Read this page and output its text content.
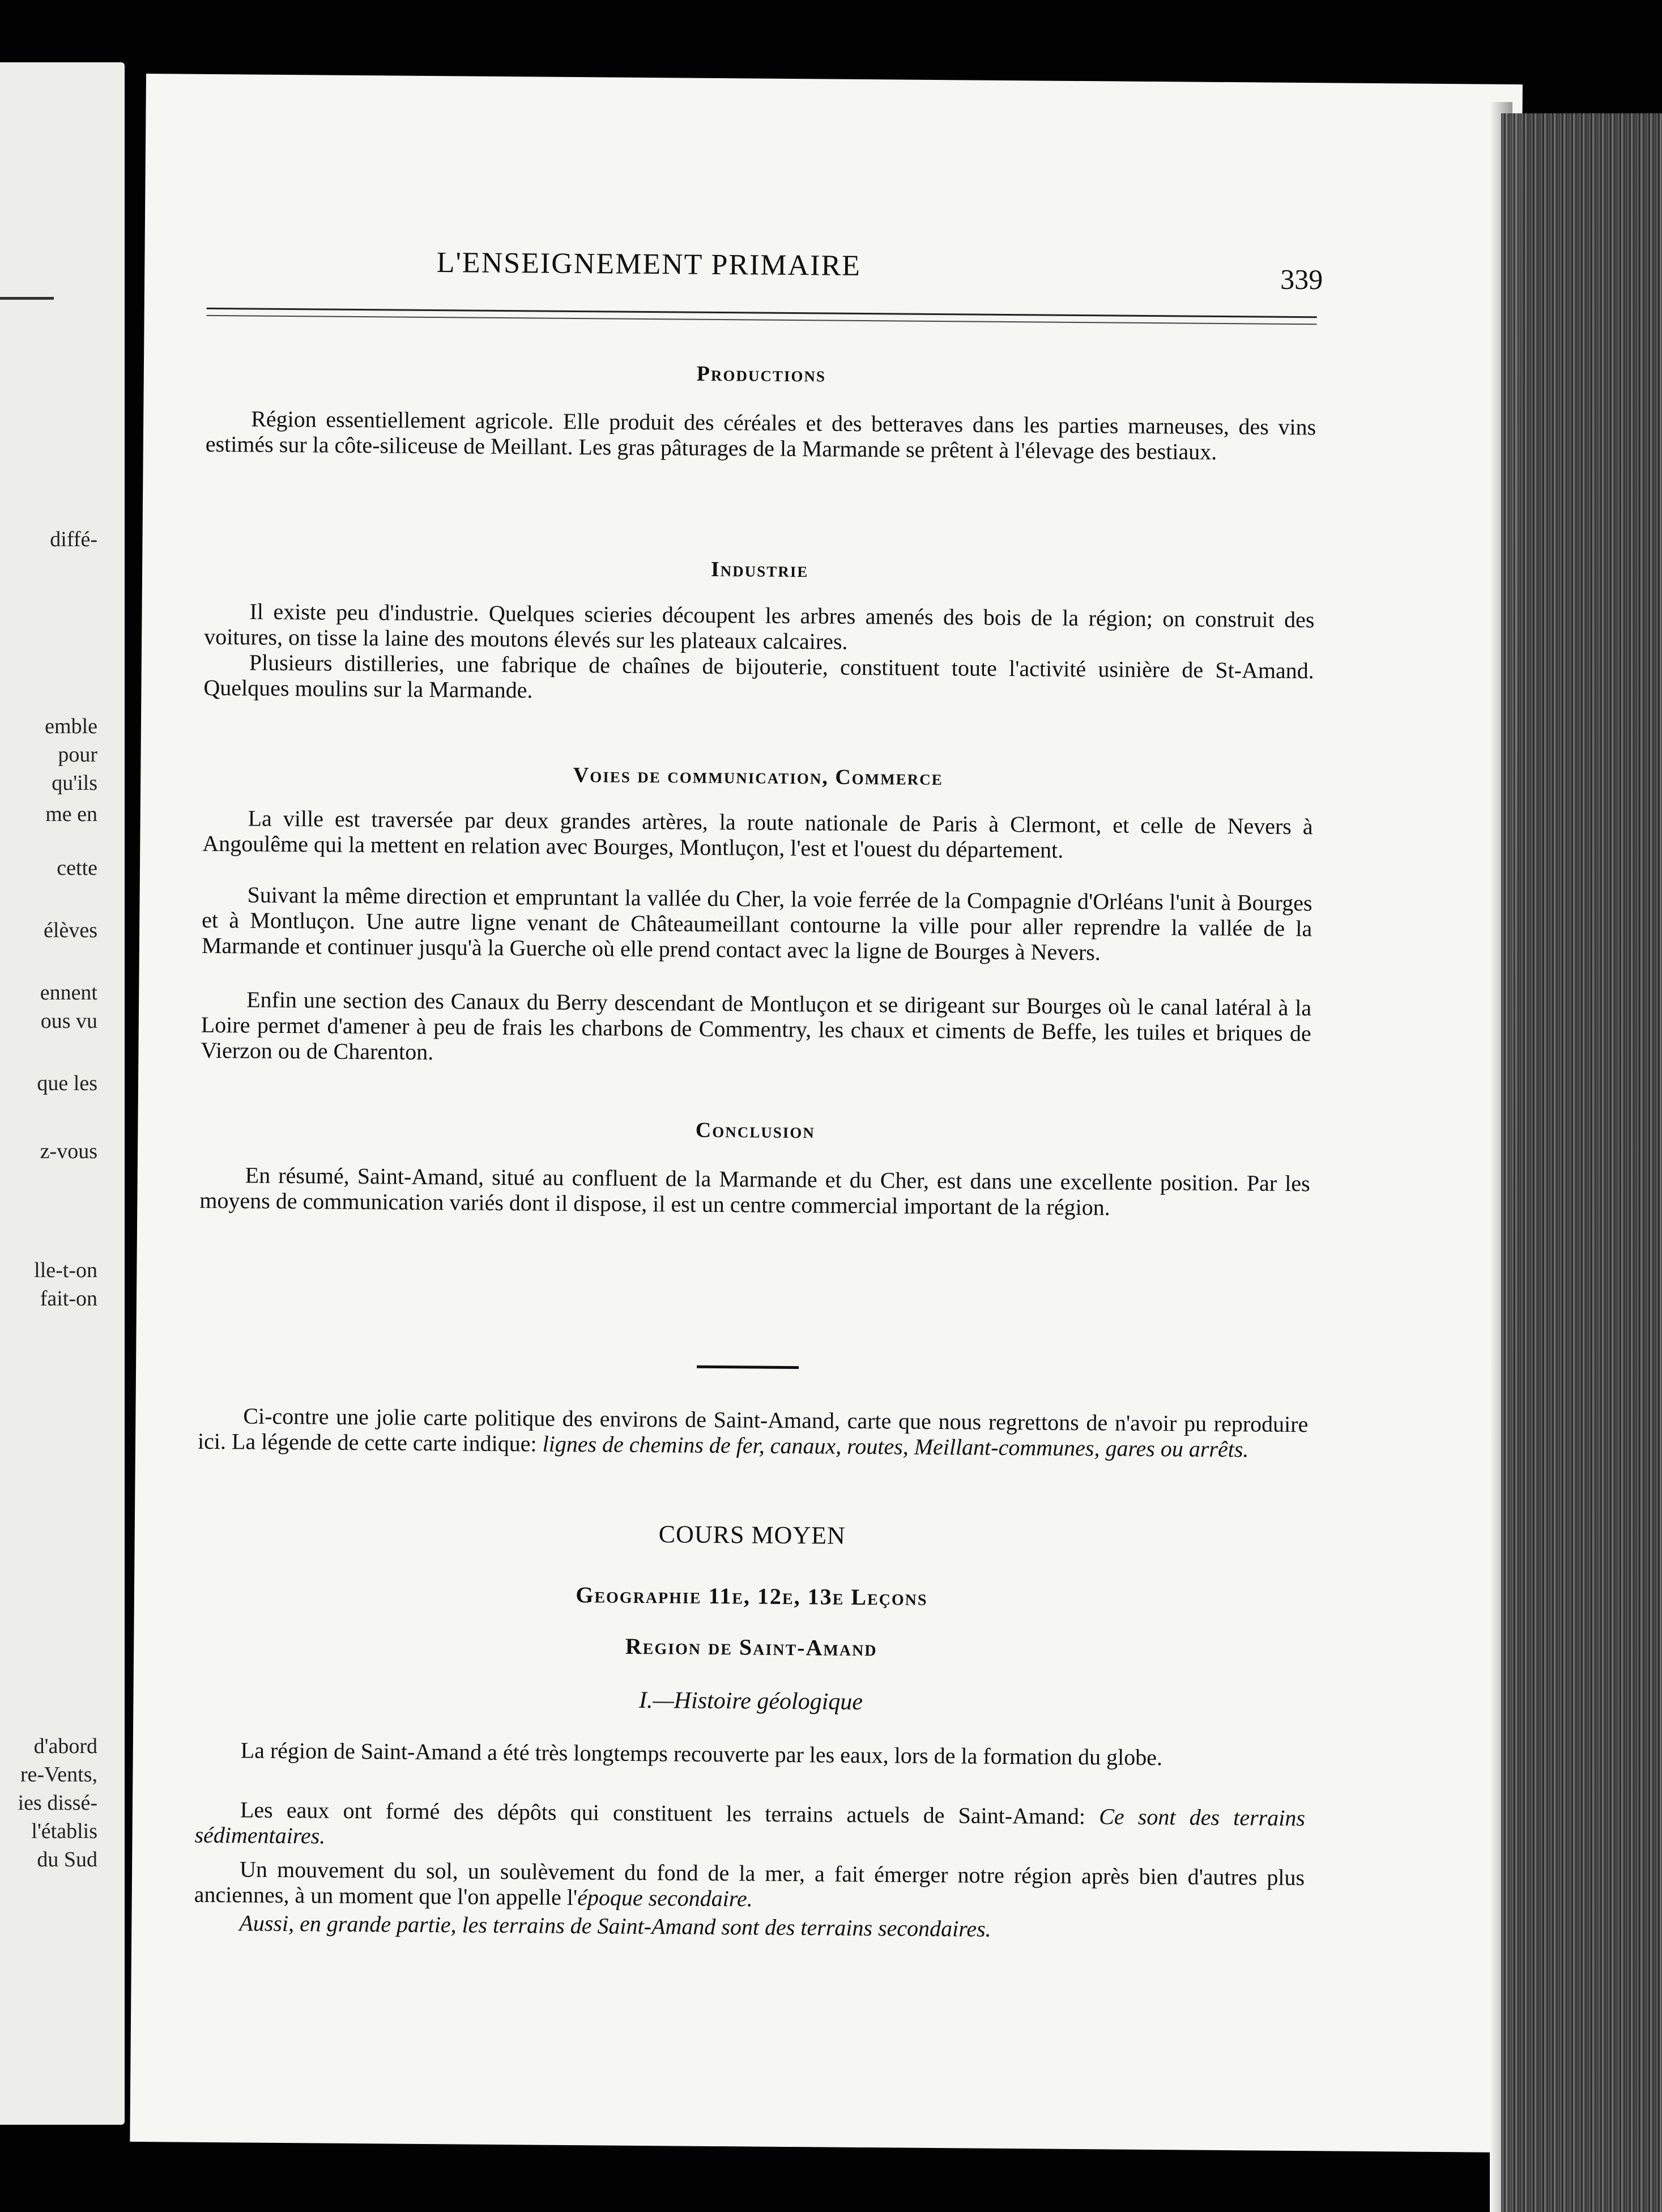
diffé-
emble
pour
qu'ils
me en
cette
élèves
ennent
ous vu
que les
z-vous
lle-t-on
fait-on
d'abord
re-Vents,
ies dissé-
l'établis
du Sud
L'ENSEIGNEMENT PRIMAIRE	339
Productions
Région essentiellement agricole. Elle produit des céréales et des betteraves dans les parties marneuses, des vins estimés sur la côte-siliceuse de Meillant. Les gras pâturages de la Marmande se prêtent à l'élevage des bestiaux.
Industrie
Il existe peu d'industrie. Quelques scieries découpent les arbres amenés des bois de la région; on construit des voitures, on tisse la laine des moutons élevés sur les plateaux calcaires.
Plusieurs distilleries, une fabrique de chaînes de bijouterie, constituent toute l'activité usinière de St-Amand. Quelques moulins sur la Marmande.
Voies de communication, Commerce
La ville est traversée par deux grandes artères, la route nationale de Paris à Clermont, et celle de Nevers à Angoulême qui la mettent en relation avec Bourges, Montluçon, l'est et l'ouest du département.
Suivant la même direction et empruntant la vallée du Cher, la voie ferrée de la Compagnie d'Orléans l'unit à Bourges et à Montluçon. Une autre ligne venant de Châteaumeillant contourne la ville pour aller reprendre la vallée de la Marmande et continuer jusqu'à la Guerche où elle prend contact avec la ligne de Bourges à Nevers.
Enfin une section des Canaux du Berry descendant de Montluçon et se dirigeant sur Bourges où le canal latéral à la Loire permet d'amener à peu de frais les charbons de Commentry, les chaux et ciments de Beffe, les tuiles et briques de Vierzon ou de Charenton.
Conclusion
En résumé, Saint-Amand, situé au confluent de la Marmande et du Cher, est dans une excellente position. Par les moyens de communication variés dont il dispose, il est un centre commercial important de la région.
Ci-contre une jolie carte politique des environs de Saint-Amand, carte que nous regrettons de n'avoir pu reproduire ici. La légende de cette carte indique: lignes de chemins de fer, canaux, routes, Meillant-communes, gares ou arrêts.
COURS MOYEN
Geographie 11e, 12e, 13e Leçons
Region de Saint-Amand
I.—Histoire géologique
La région de Saint-Amand a été très longtemps recouverte par les eaux, lors de la formation du globe.
Les eaux ont formé des dépôts qui constituent les terrains actuels de Saint-Amand: Ce sont des terrains sédimentaires.
Un mouvement du sol, un soulèvement du fond de la mer, a fait émerger notre région après bien d'autres plus anciennes, à un moment que l'on appelle l'époque secondaire.
Aussi, en grande partie, les terrains de Saint-Amand sont des terrains secondaires.
